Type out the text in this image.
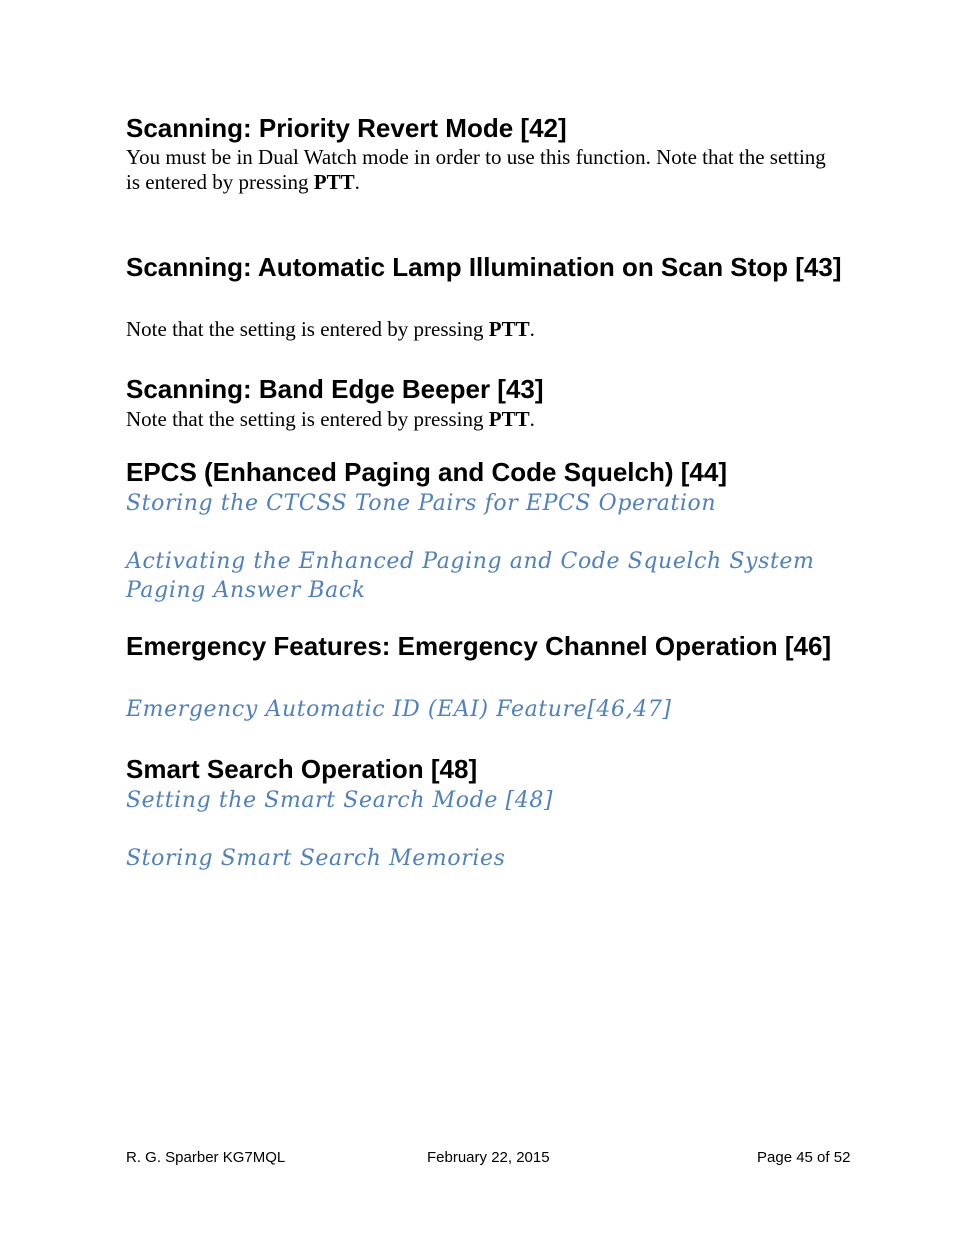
Scanning: Priority Revert Mode [42]

You must be in Dual Watch mode in order to use this function. Note that the setting is entered by pressing PTT.

Scanning: Automatic Lamp Illumination on Scan Stop [43]

Note that the setting is entered by pressing PTT.

Scanning: Band Edge Beeper [43]

Note that the setting is entered by pressing PTT.

EPCS (Enhanced Paging and Code Squelch) [44]
Storing the CTCSS Tone Pairs for EPCS Operation
Activating the Enhanced Paging and Code Squelch System
Paging Answer Back
Emergency Features: Emergency Channel Operation [46]
Emergency Automatic ID (EAI) Feature[46,47]
Smart Search Operation [48]
Setting the Smart Search Mode [48]
Storing Smart Search Memories
R. G. Sparber KG7MQL	February 22, 2015	Page 45 of 52
